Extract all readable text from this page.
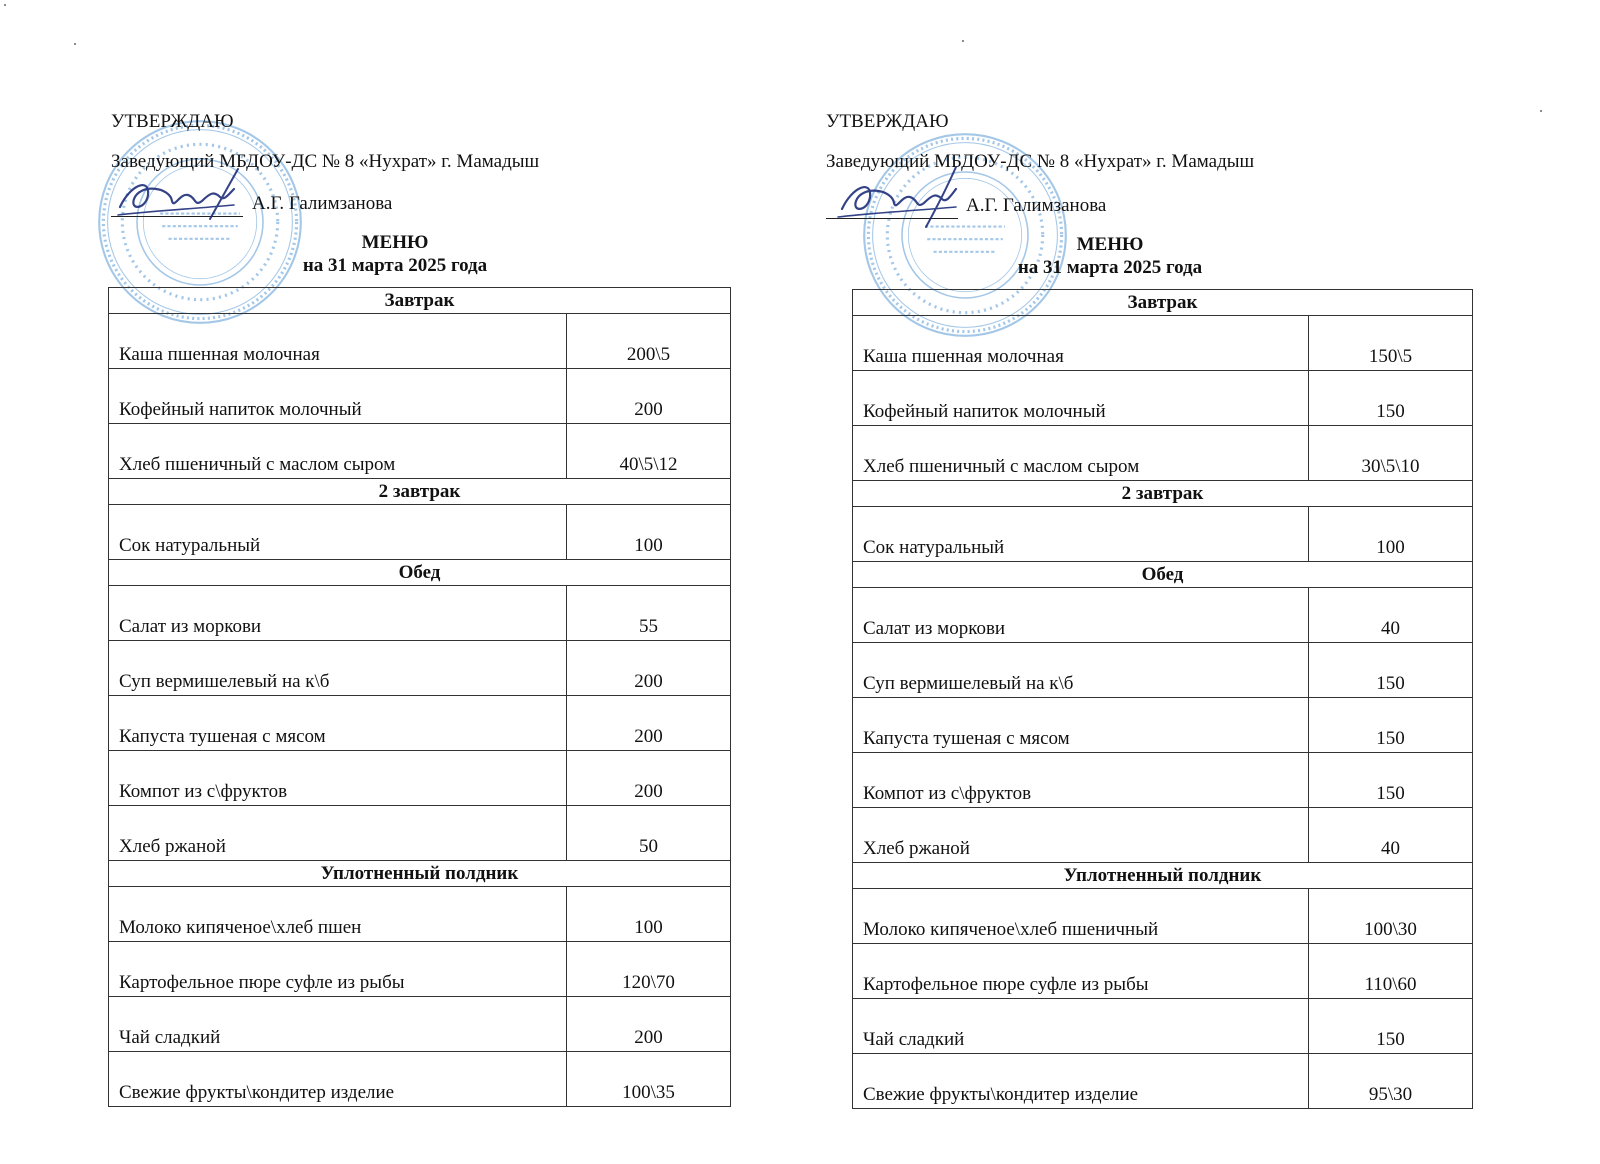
УТВЕРЖДАЮ
Заведующий МБДОУ-ДС № 8 «Нухрат» г. Мамадыш
А.Г. Галимзанова
МЕНЮ
на 31 марта 2025 года
Завтрак	
Каша пшенная молочная	200\5
Кофейный напиток молочный	200
Хлеб пшеничный с маслом сыром	40\5\12
2 завтрак	
Сок натуральный	100
Обед	
Салат из моркови	55
Суп вермишелевый на к\б	200
Капуста тушеная с мясом	200
Компот из с\фруктов	200
Хлеб ржаной	50
Уплотненный полдник	
Молоко кипяченое\хлеб пшен	100
Картофельное пюре суфле из рыбы	120\70
Чай сладкий	200
Свежие фрукты\кондитер изделие	100\35
УТВЕРЖДАЮ
Заведующий МБДОУ-ДС № 8 «Нухрат» г. Мамадыш
А.Г. Галимзанова
МЕНЮ
на 31 марта 2025 года
Завтрак	
Каша пшенная молочная	150\5
Кофейный напиток молочный	150
Хлеб пшеничный с маслом сыром	30\5\10
2 завтрак	
Сок натуральный	100
Обед	
Салат из моркови	40
Суп вермишелевый на к\б	150
Капуста тушеная с мясом	150
Компот из с\фруктов	150
Хлеб ржаной	40
Уплотненный полдник	
Молоко кипяченое\хлеб пшеничный	100\30
Картофельное пюре суфле из рыбы	110\60
Чай сладкий	150
Свежие фрукты\кондитер изделие	95\30
